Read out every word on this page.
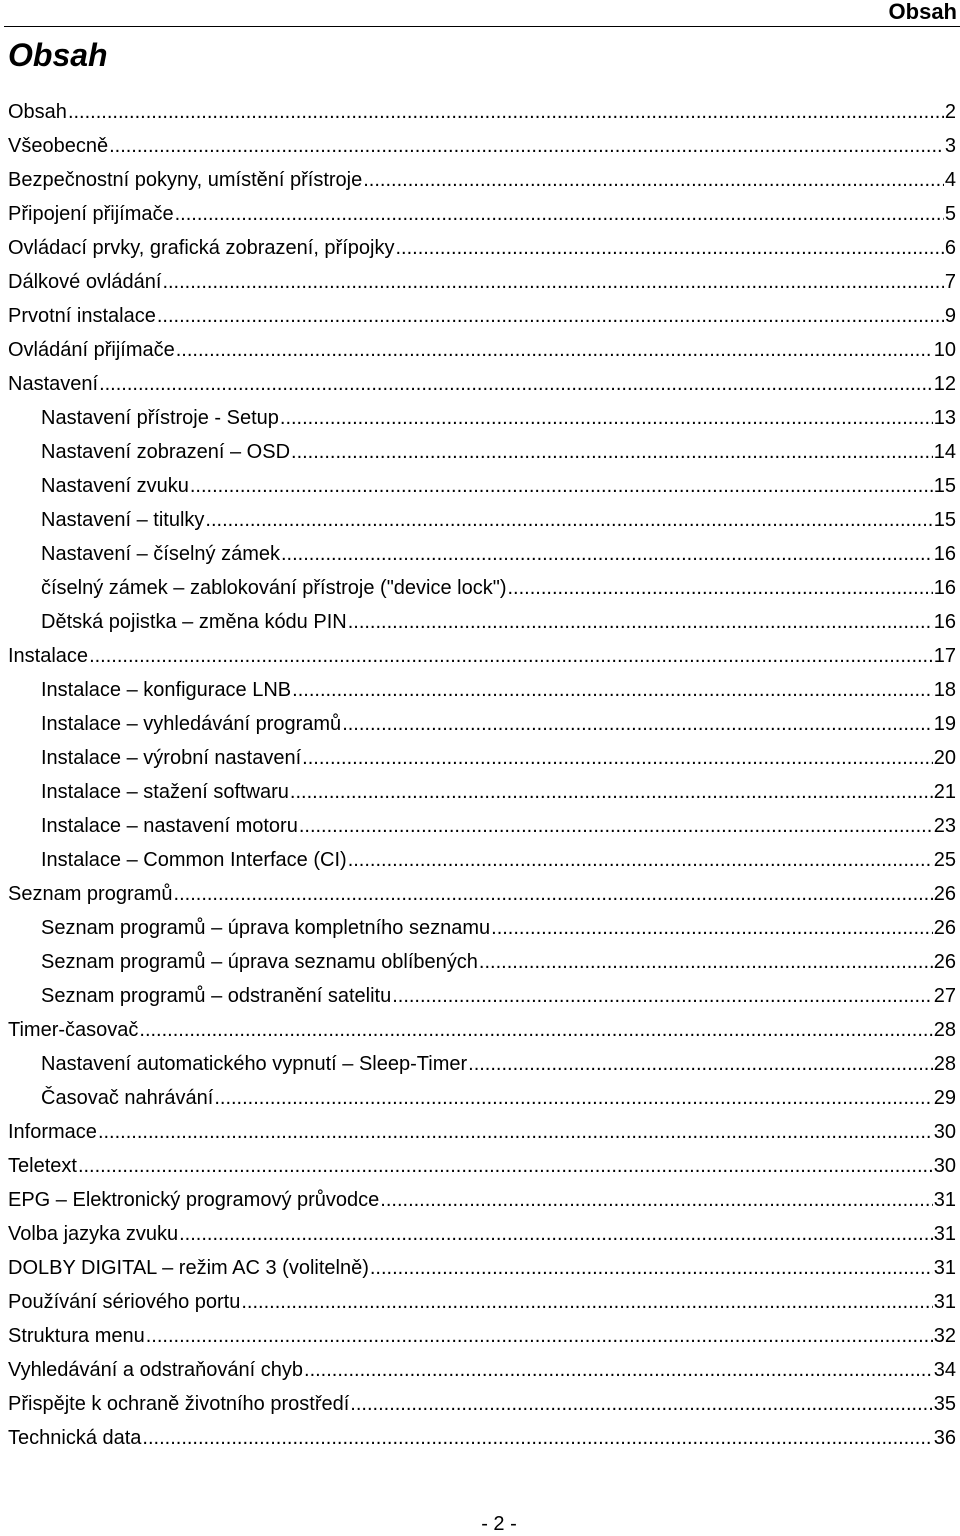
Obsah
Obsah
Obsah .....	2
Všeobecně .....	3
Bezpečnostní pokyny, umístění přístroje .....	4
Připojení přijímače .....	5
Ovládací prvky, grafická zobrazení, přípojky .....	6
Dálkové ovládání .....	7
Prvotní instalace .....	9
Ovládání přijímače .....	10
Nastavení .....	12
Nastavení přístroje - Setup .....	13
Nastavení zobrazení – OSD .....	14
Nastavení zvuku .....	15
Nastavení – titulky .....	15
Nastavení – číselný zámek .....	16
číselný zámek – zablokování přístroje ("device lock") .....	16
Dětská pojistka – změna kódu PIN .....	16
Instalace .....	17
Instalace – konfigurace LNB .....	18
Instalace – vyhledávání programů .....	19
Instalace – výrobní nastavení .....	20
Instalace – stažení softwaru .....	21
Instalace – nastavení motoru .....	23
Instalace – Common Interface (CI) .....	25
Seznam programů .....	26
Seznam programů – úprava kompletního seznamu .....	26
Seznam programů – úprava seznamu oblíbených .....	26
Seznam programů – odstranění satelitu .....	27
Timer-časovač .....	28
Nastavení automatického vypnutí – Sleep-Timer .....	28
Časovač nahrávání .....	29
Informace .....	30
Teletext .....	30
EPG – Elektronický programový průvodce .....	31
Volba jazyka zvuku .....	31
DOLBY DIGITAL – režim AC 3 (volitelně) .....	31
Používání sériového portu .....	31
Struktura menu .....	32
Vyhledávání a odstraňování chyb .....	34
Přispějte k ochraně životního prostředí .....	35
Technická data .....	36
- 2 -
